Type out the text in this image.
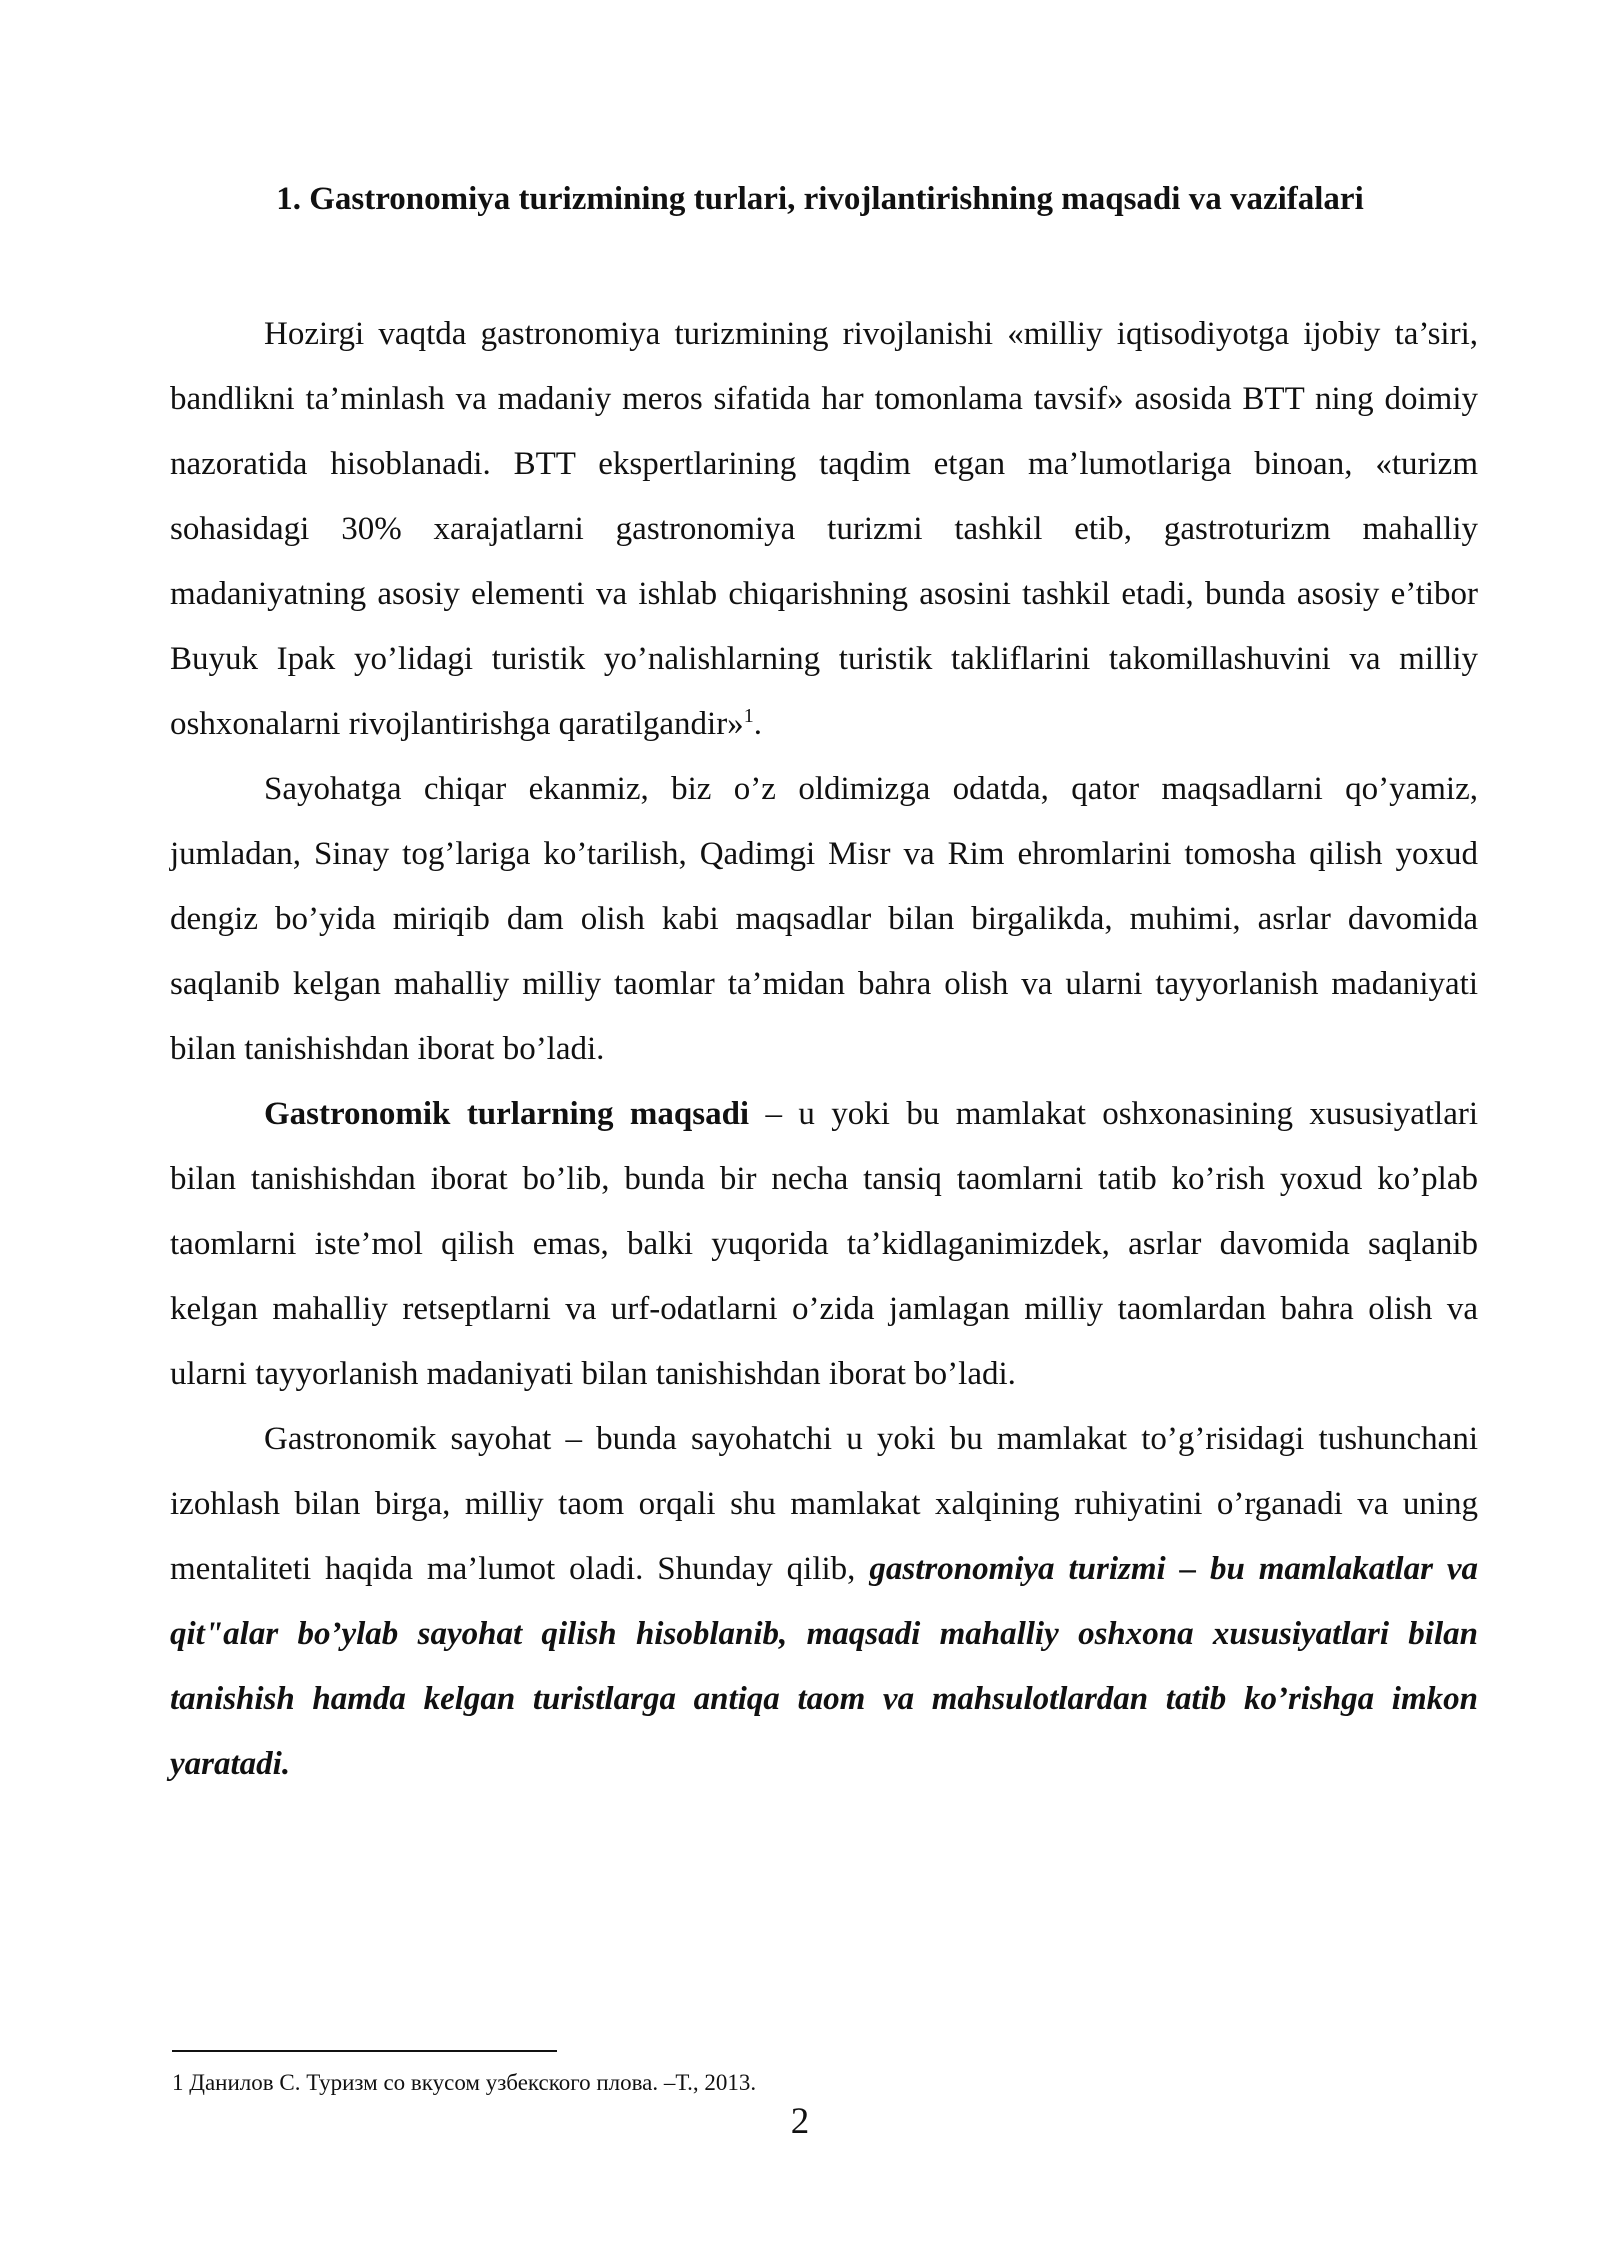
1. Gastronomiya turizmining turlari, rivojlantirishning maqsadi va vazifalari

Hozirgi vaqtda gastronomiya turizmining rivojlanishi «milliy iqtisodiyotga ijobiy ta’siri, bandlikni ta’minlash va madaniy meros sifatida har tomonlama tavsif» asosida BTT ning doimiy nazoratida hisoblanadi. BTT ekspertlarining taqdim etgan ma’lumotlariga binoan, «turizm sohasidagi 30% xarajatlarni gastronomiya turizmi tashkil etib, gastroturizm mahalliy madaniyatning asosiy elementi va ishlab chiqarishning asosini tashkil etadi, bunda asosiy e’tibor Buyuk Ipak yo’lidagi turistik yo’nalishlarning turistik takliflarini takomillashuvini va milliy oshxonalarni rivojlantirishga qaratilgandir»$^1$.

Sayohatga chiqar ekanmiz, biz o’z oldimizga odatda, qator maqsadlarni qo’yamiz, jumladan, Sinay tog’lariga ko’tarilish, Qadimgi Misr va Rim ehromlarini tomosha qilish yoxud dengiz bo’yida miriqib dam olish kabi maqsadlar bilan birgalikda, muhimi, asrlar davomida saqlanib kelgan mahalliy milliy taomlar ta’midan bahra olish va ularni tayyorlanish madaniyati bilan tanishishdan iborat bo’ladi.

Gastronomik turlarning maqsadi – u yoki bu mamlakat oshxonasining xususiyatlari bilan tanishishdan iborat bo’lib, bunda bir necha tansiq taomlarni tatib ko’rish yoxud ko’plab taomlarni iste’mol qilish emas, balki yuqorida ta’kidlaganimizdek, asrlar davomida saqlanib kelgan mahalliy retseptlarni va urf-odatlarni o’zida jamlagan milliy taomlardan bahra olish va ularni tayyorlanish madaniyati bilan tanishishdan iborat bo’ladi.

Gastronomik sayohat – bunda sayohatchi u yoki bu mamlakat to’g’risidagi tushunchani izohlash bilan birga, milliy taom orqali shu mamlakat xalqining ruhiyatini o’rganadi va uning mentaliteti haqida ma’lumot oladi. Shunday qilib, gastronomiya turizmi – bu mamlakatlar va qit"alar bo’ylab sayohat qilish hisoblanib, maqsadi mahalliy oshxona xususiyatlari bilan tanishish hamda kelgan turistlarga antiqa taom va mahsulotlardan tatib ko’rishga imkon yaratadi.

1 Данилов С. Туризм со вкусом узбекского плова. –Т., 2013.
2
